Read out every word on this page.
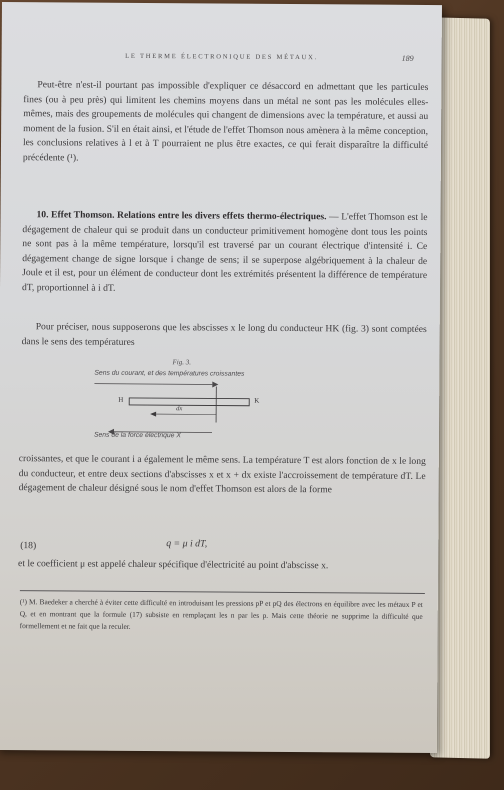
LE THERME ÉLECTRONIQUE DES MÉTAUX.	189
Peut-être n'est-il pourtant pas impossible d'expliquer ce désaccord en admettant que les particules fines (ou à peu près) qui limitent les chemins moyens dans un métal ne sont pas les molécules elles-mêmes, mais des groupements de molécules qui changent de dimensions avec la température, et aussi au moment de la fusion. S'il en était ainsi, et l'étude de l'effet Thomson nous amènera à la même conception, les conclusions relatives à l et à T pourraient ne plus être exactes, ce qui ferait disparaître la difficulté précédente (¹).
10. Effet Thomson. Relations entre les divers effets thermo-électriques. — L'effet Thomson est le dégagement de chaleur qui se produit dans un conducteur primitivement homogène dont tous les points ne sont pas à la même température, lorsqu'il est traversé par un courant électrique d'intensité i. Ce dégagement change de signe lorsque i change de sens; il se superpose algébriquement à la chaleur de Joule et il est, pour un élément de conducteur dont les extrémités présentent la différence de température dT, proportionnel à i dT.
Pour préciser, nous supposerons que les abscisses x le long du conducteur HK (fig. 3) sont comptées dans le sens des températures
Fig. 3.
Sens du courant, et des températures croissantes
H	K
dx
Sens de la force électrique X
croissantes, et que le courant i a également le même sens. La température T est alors fonction de x le long du conducteur, et entre deux sections d'abscisses x et x + dx existe l'accroissement de température dT. Le dégagement de chaleur désigné sous le nom d'effet Thomson est alors de la forme
(18)	q = μ i dT,
et le coefficient μ est appelé chaleur spécifique d'électricité au point d'abscisse x.
(¹) M. Baedeker a cherché à éviter cette difficulté en introduisant les pressions pP et pQ des électrons en équilibre avec les métaux P et Q, et en montrant que la formule (17) subsiste en remplaçant les n par les p. Mais cette théorie ne supprime la difficulté que formellement et ne fait que la reculer.
